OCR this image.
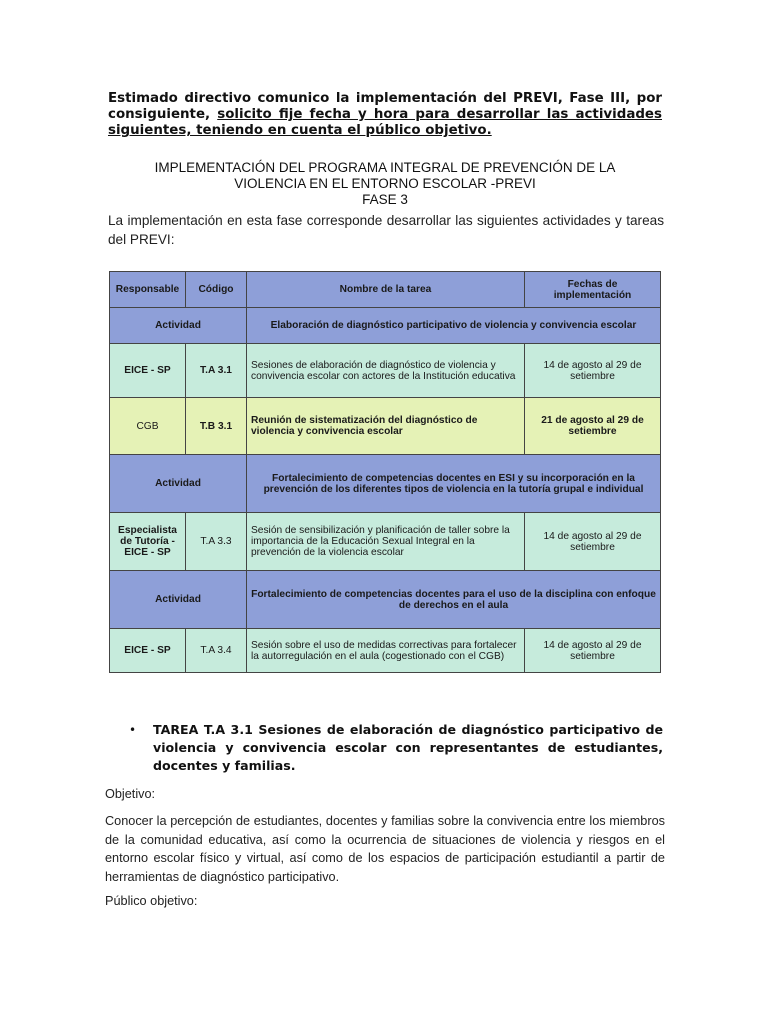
Estimado directivo comunico la implementación del PREVI, Fase III, por consiguiente, solicito fije fecha y hora para desarrollar las actividades siguientes, teniendo en cuenta el público objetivo.
IMPLEMENTACIÓN DEL PROGRAMA INTEGRAL DE PREVENCIÓN DE LA
VIOLENCIA EN EL ENTORNO ESCOLAR -PREVI
FASE 3
La implementación en esta fase corresponde desarrollar las siguientes actividades y tareas del PREVI:
Responsable	Código	Nombre de la tarea	Fechas de implementación
Actividad		Elaboración de diagnóstico participativo de violencia y convivencia escolar	
EICE - SP	T.A 3.1	Sesiones de elaboración de diagnóstico de violencia y convivencia escolar con actores de la Institución educativa	14 de agosto al 29 de setiembre
CGB	T.B 3.1	Reunión de sistematización del diagnóstico de violencia y convivencia escolar	21 de agosto al 29 de setiembre
Actividad		Fortalecimiento de competencias docentes en ESI y su incorporación en la prevención de los diferentes tipos de violencia en la tutoría grupal e individual	
Especialista de Tutoría - EICE - SP	T.A 3.3	Sesión de sensibilización y planificación de taller sobre la importancia de la Educación Sexual Integral en la prevención de la violencia escolar	14 de agosto al 29 de setiembre
Actividad		Fortalecimiento de competencias docentes para el uso de la disciplina con enfoque de derechos en el aula	
EICE - SP	T.A 3.4	Sesión sobre el uso de medidas correctivas para fortalecer la autorregulación en el aula (cogestionado con el CGB)	14 de agosto al 29 de setiembre
• TAREA T.A 3.1 Sesiones de elaboración de diagnóstico participativo de violencia y convivencia escolar con representantes de estudiantes, docentes y familias.
Objetivo:
Conocer la percepción de estudiantes, docentes y familias sobre la convivencia entre los miembros de la comunidad educativa, así como la ocurrencia de situaciones de violencia y riesgos en el entorno escolar físico y virtual, así como de los espacios de participación estudiantil a partir de herramientas de diagnóstico participativo.
Público objetivo:
